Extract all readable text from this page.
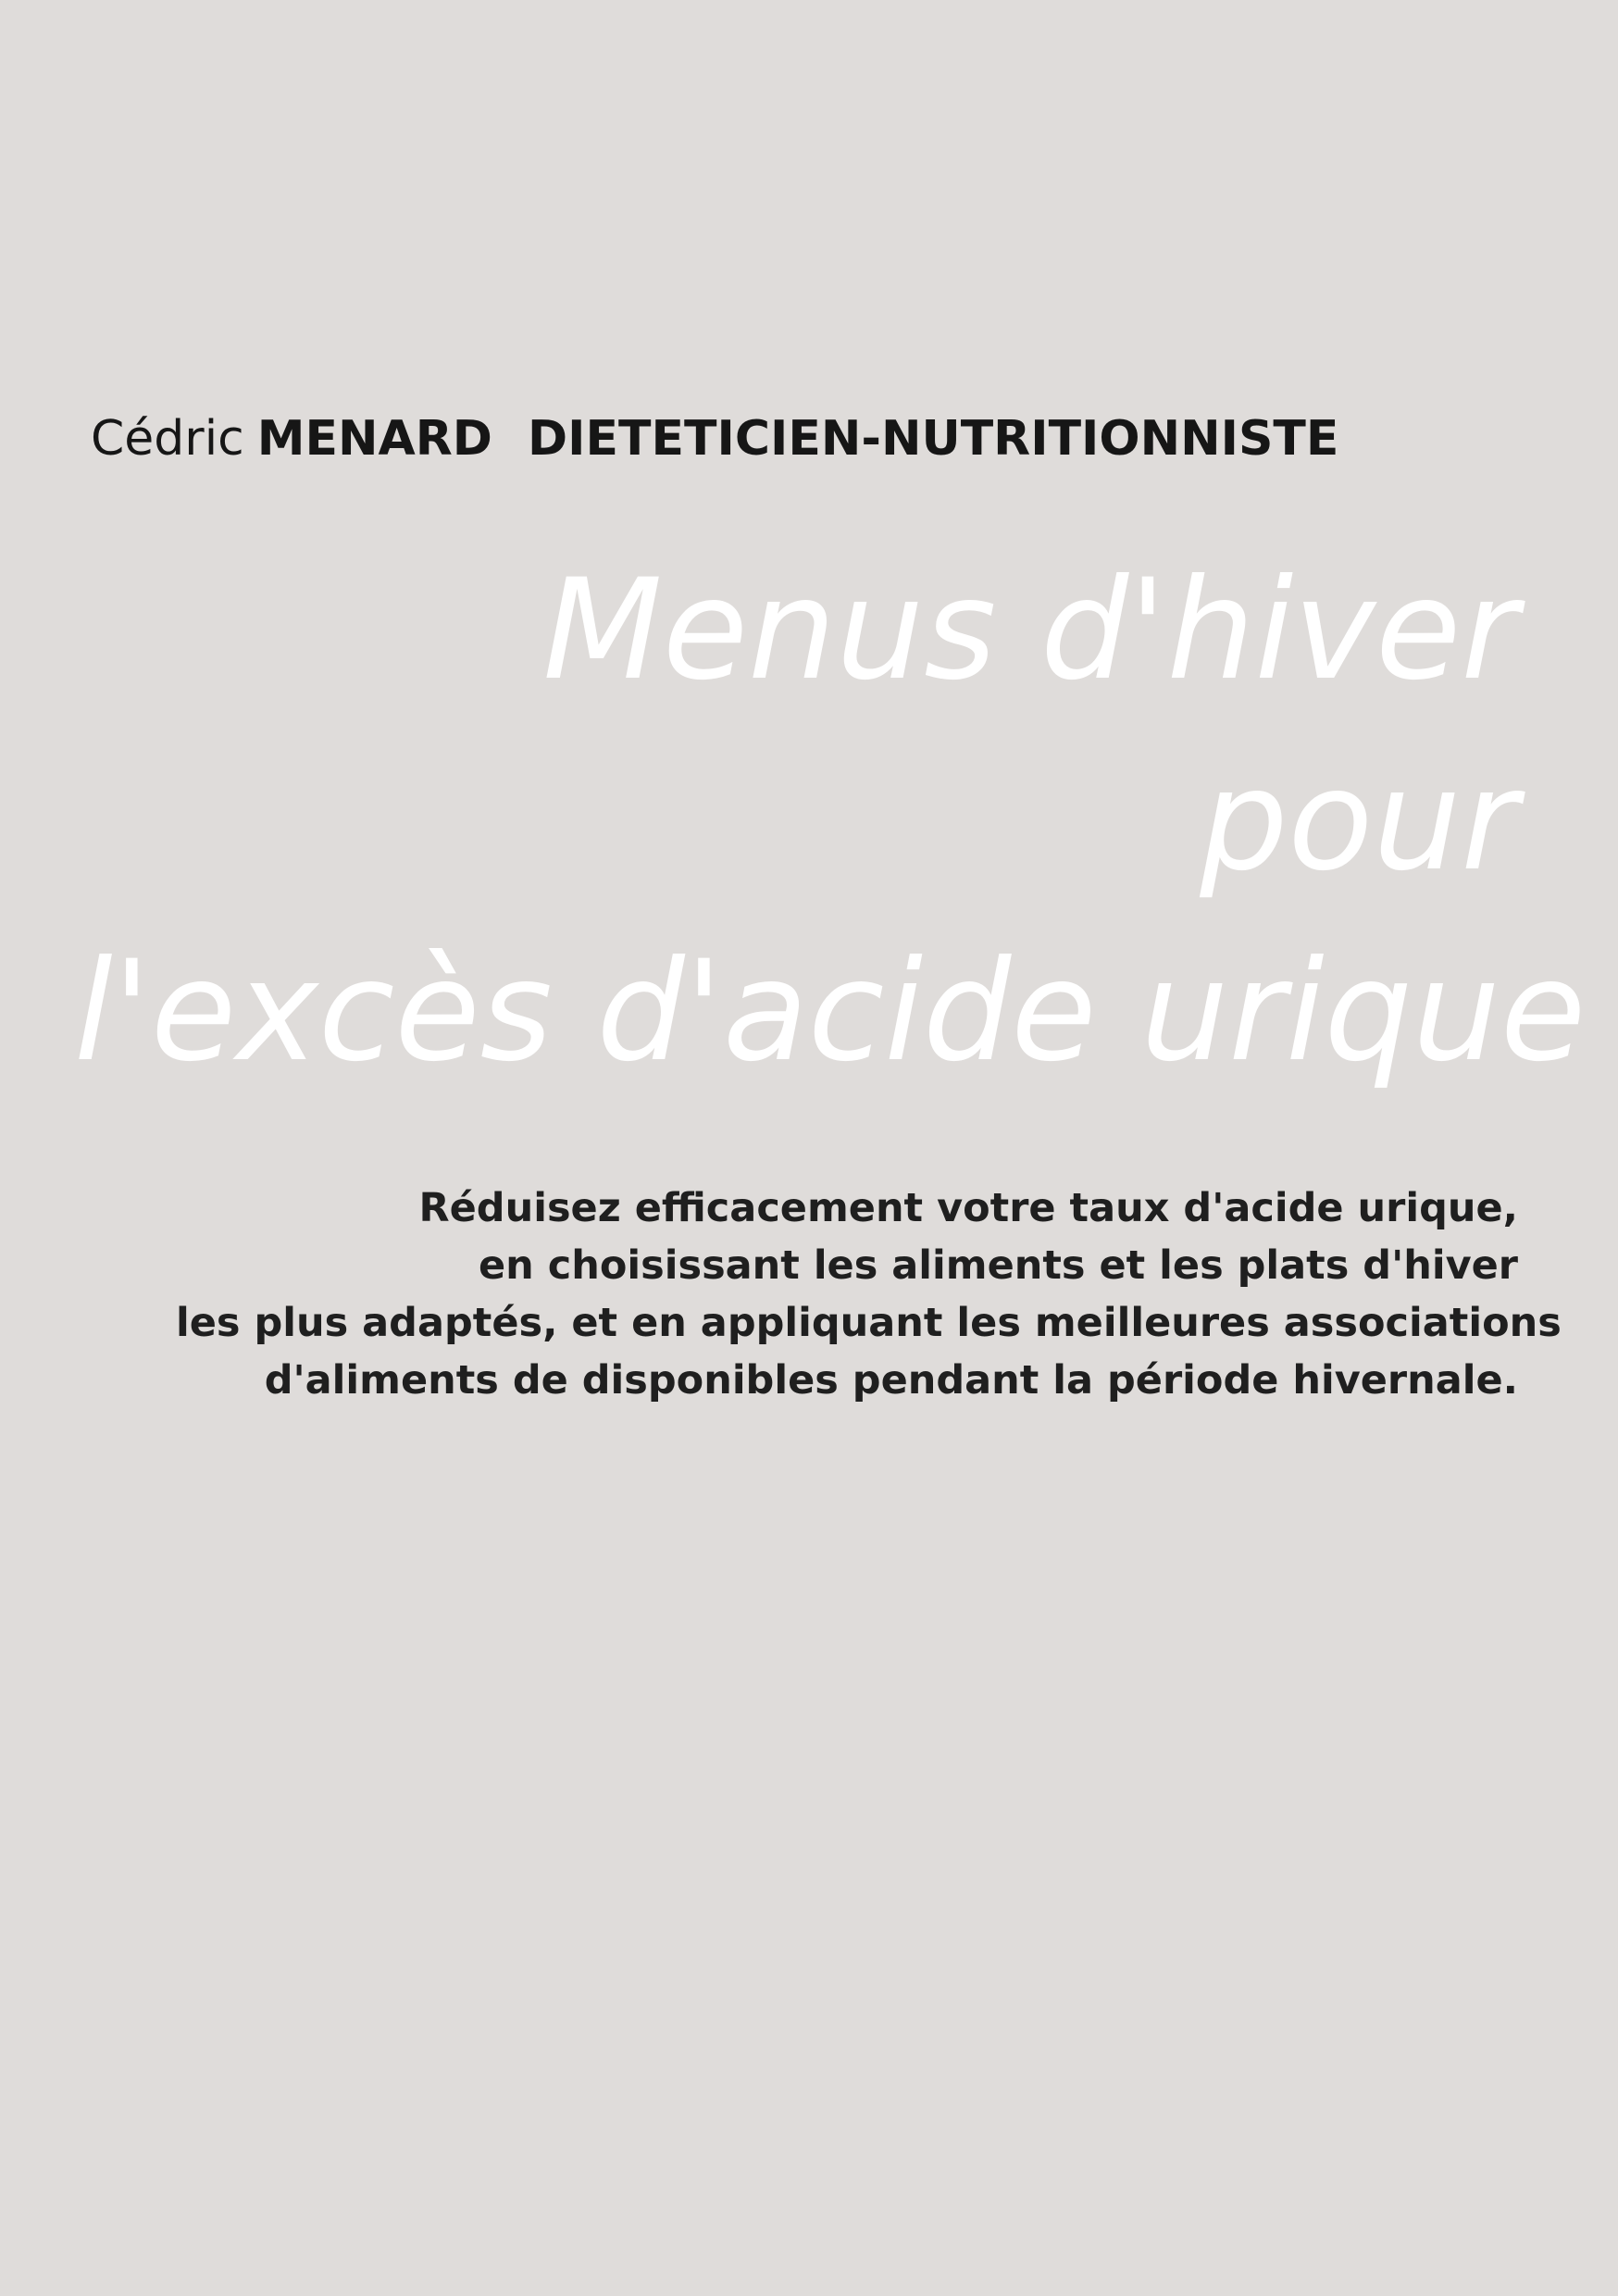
Cédric MENARD DIETETICIEN-NUTRITIONNISTE
Menus d'hiver
pour
l'excès d'acide urique
Réduisez efficacement votre taux d'acide urique,
en choisissant les aliments et les plats d'hiver
les plus adaptés, et en appliquant les meilleures associations
d'aliments de disponibles pendant la période hivernale.
